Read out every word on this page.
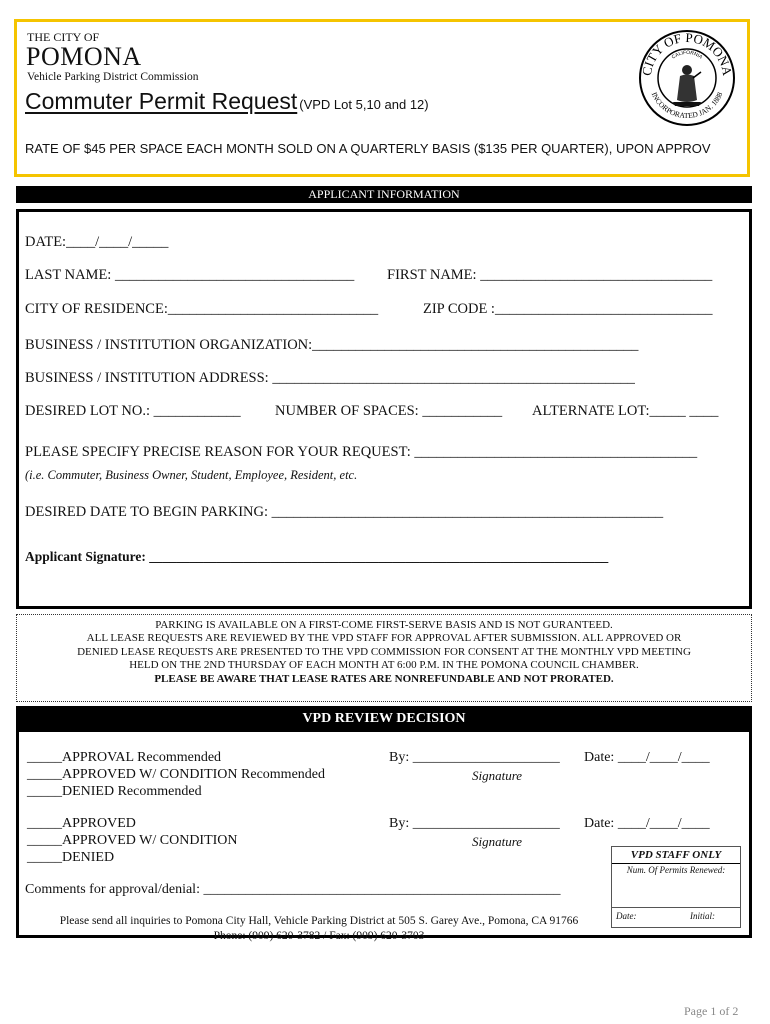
THE CITY OF
POMONA
Vehicle Parking District Commission
Commuter Permit Request (VPD Lot 5,10 and 12)
RATE OF $45 PER SPACE EACH MONTH SOLD ON A QUARTERLY BASIS ($135 PER QUARTER), UPON APPROV
CITY OF POMONA
INCORPORATED JAN. 1888
CALIFORNIA
APPLICANT INFORMATION
DATE:____/____/_____
LAST NAME: _________________________________ FIRST NAME: ________________________________
CITY OF RESIDENCE:_____________________________	ZIP CODE :______________________________
BUSINESS / INSTITUTION ORGANIZATION:_____________________________________________
BUSINESS / INSTITUTION ADDRESS: __________________________________________________
DESIRED LOT NO.: ____________ NUMBER OF SPACES: ___________ ALTERNATE LOT:_____ ____
PLEASE SPECIFY PRECISE REASON FOR YOUR REQUEST: _______________________________________
(i.e. Commuter, Business Owner, Student, Employee, Resident, etc.
DESIRED DATE TO BEGIN PARKING: ______________________________________________________
Applicant Signature: ____________________________________________________________________
PARKING IS AVAILABLE ON A FIRST-COME FIRST-SERVE BASIS AND IS NOT GURANTEED.
ALL LEASE REQUESTS ARE REVIEWED BY THE VPD STAFF FOR APPROVAL AFTER SUBMISSION. ALL APPROVED OR
DENIED LEASE REQUESTS ARE PRESENTED TO THE VPD COMMISSION FOR CONSENT AT THE MONTHLY VPD MEETING
HELD ON THE 2ND THURSDAY OF EACH MONTH AT 6:00 P.M. IN THE POMONA COUNCIL CHAMBER.
PLEASE BE AWARE THAT LEASE RATES ARE NONREFUNDABLE AND NOT PRORATED.
VPD REVIEW DECISION
_____APPROVAL Recommended
_____APPROVED W/ CONDITION Recommended
_____DENIED Recommended
By: _____________________ Date: ____/____/____
Signature
_____APPROVED
_____APPROVED W/ CONDITION
_____DENIED
By: _____________________ Date: ____/____/____
Signature
Comments for approval/denial: ___________________________________________________
VPD STAFF ONLY
Num. Of Permits Renewed:
Date:	Initial:
Please send all inquiries to Pomona City Hall, Vehicle Parking District at 505 S. Garey Ave., Pomona, CA 91766
Phone: (909) 620-3782 / Fax: (909) 620-3703
Page 1 of 2
